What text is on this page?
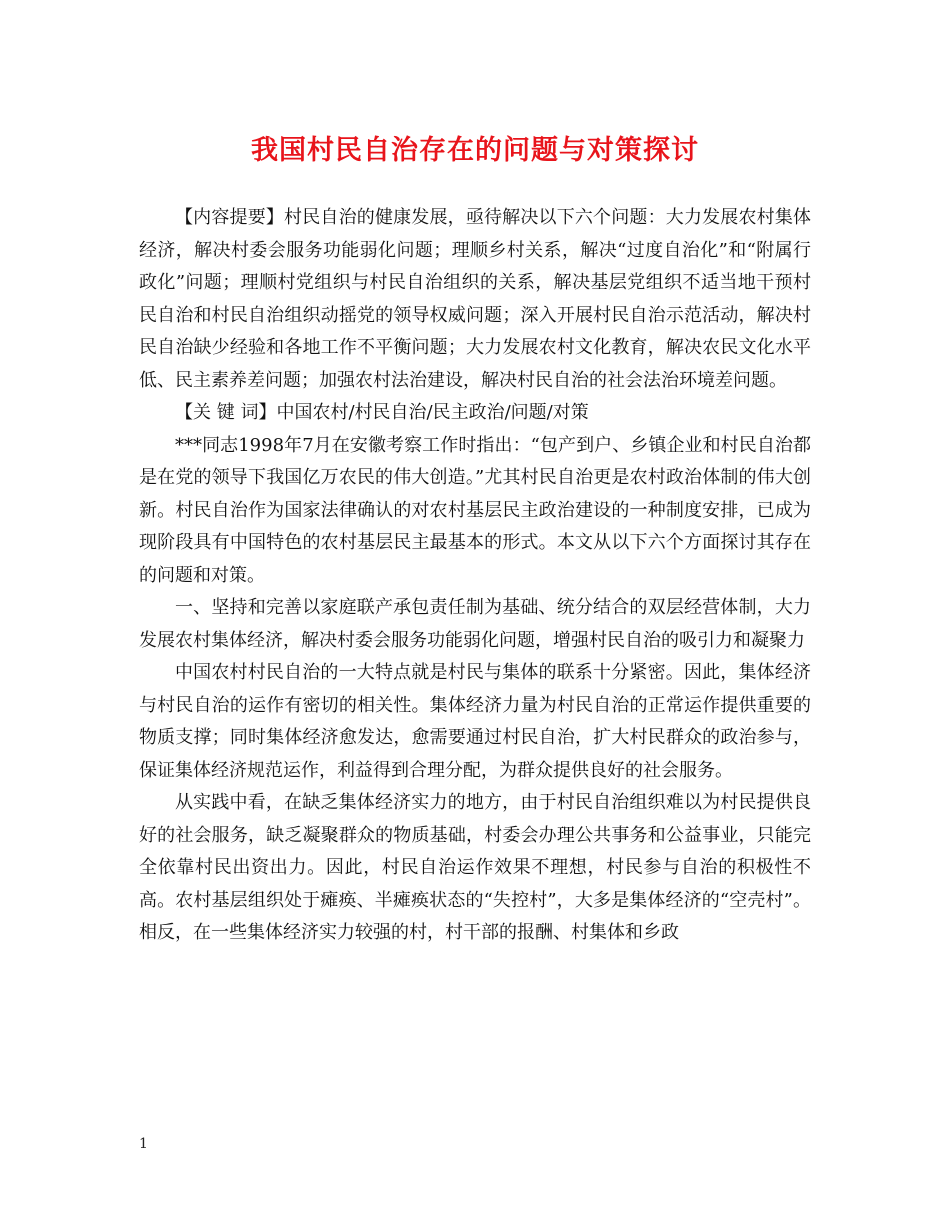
我国村民自治存在的问题与对策探讨

【内容提要】村民自治的健康发展，亟待解决以下六个问题：大力发展农村集体经济，解决村委会服务功能弱化问题；理顺乡村关系，解决“过度自治化”和“附属行政化”问题；理顺村党组织与村民自治组织的关系，解决基层党组织不适当地干预村民自治和村民自治组织动摇党的领导权威问题；深入开展村民自治示范活动，解决村民自治缺少经验和各地工作不平衡问题；大力发展农村文化教育，解决农民文化水平低、民主素养差问题；加强农村法治建设，解决村民自治的社会法治环境差问题。

【关 键 词】中国农村/村民自治/民主政治/问题/对策

***同志1998年7月在安徽考察工作时指出：“包产到户、乡镇企业和村民自治都是在党的领导下我国亿万农民的伟大创造。”尤其村民自治更是农村政治体制的伟大创新。村民自治作为国家法律确认的对农村基层民主政治建设的一种制度安排，已成为现阶段具有中国特色的农村基层民主最基本的形式。本文从以下六个方面探讨其存在的问题和对策。

一、坚持和完善以家庭联产承包责任制为基础、统分结合的双层经营体制，大力发展农村集体经济，解决村委会服务功能弱化问题，增强村民自治的吸引力和凝聚力

中国农村村民自治的一大特点就是村民与集体的联系十分紧密。因此，集体经济与村民自治的运作有密切的相关性。集体经济力量为村民自治的正常运作提供重要的物质支撑；同时集体经济愈发达，愈需要通过村民自治，扩大村民群众的政治参与，保证集体经济规范运作，利益得到合理分配，为群众提供良好的社会服务。

从实践中看，在缺乏集体经济实力的地方，由于村民自治组织难以为村民提供良好的社会服务，缺乏凝聚群众的物质基础，村委会办理公共事务和公益事业，只能完全依靠村民出资出力。因此，村民自治运作效果不理想，村民参与自治的积极性不高。农村基层组织处于瘫痪、半瘫痪状态的“失控村”，大多是集体经济的“空壳村”。相反，在一些集体经济实力较强的村，村干部的报酬、村集体和乡政

1
